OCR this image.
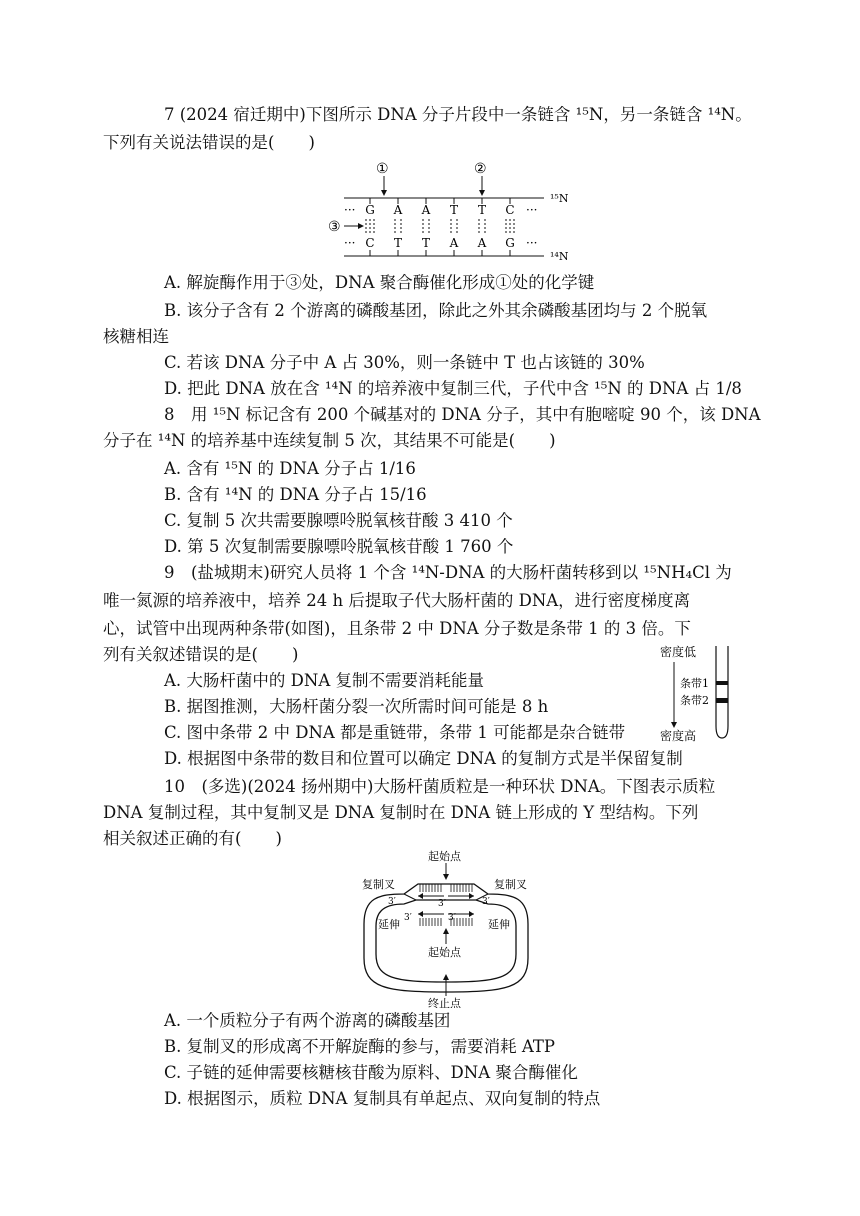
7 (2024 宿迁期中)下图所示 DNA 分子片段中一条链含 ¹⁵N，另一条链含 ¹⁴N。
下列有关说法错误的是( )
①	②
¹⁵N
··· G A A T T C ···
③
··· C T T A A G ···
¹⁴N
A. 解旋酶作用于③处，DNA 聚合酶催化形成①处的化学键
B. 该分子含有 2 个游离的磷酸基团，除此之外其余磷酸基团均与 2 个脱氧
核糖相连
C. 若该 DNA 分子中 A 占 30%，则一条链中 T 也占该链的 30%
D. 把此 DNA 放在含 ¹⁴N 的培养液中复制三代，子代中含 ¹⁵N 的 DNA 占 1/8
8　用 ¹⁵N 标记含有 200 个碱基对的 DNA 分子，其中有胞嘧啶 90 个，该 DNA
分子在 ¹⁴N 的培养基中连续复制 5 次，其结果不可能是( )
A. 含有 ¹⁵N 的 DNA 分子占 1/16
B. 含有 ¹⁴N 的 DNA 分子占 15/16
C. 复制 5 次共需要腺嘌呤脱氧核苷酸 3 410 个
D. 第 5 次复制需要腺嘌呤脱氧核苷酸 1 760 个
9　(盐城期末)研究人员将 1 个含 ¹⁴N-DNA 的大肠杆菌转移到以 ¹⁵NH₄Cl 为
唯一氮源的培养液中，培养 24 h 后提取子代大肠杆菌的 DNA，进行密度梯度离
心，试管中出现两种条带(如图)，且条带 2 中 DNA 分子数是条带 1 的 3 倍。下
列有关叙述错误的是( )	密度低
条带1
条带2
密度高
A. 大肠杆菌中的 DNA 复制不需要消耗能量
B. 据图推测，大肠杆菌分裂一次所需时间可能是 8 h
C. 图中条带 2 中 DNA 都是重链带，条带 1 可能都是杂合链带
D. 根据图中条带的数目和位置可以确定 DNA 的复制方式是半保留复制
10　(多选)(2024 扬州期中)大肠杆菌质粒是一种环状 DNA。下图表示质粒
DNA 复制过程，其中复制叉是 DNA 复制时在 DNA 链上形成的 Y 型结构。下列
相关叙述正确的有( )
起始点
复制叉	复制叉
3′	3′	3′
3′	3′
延伸	延伸
起始点
终止点
A. 一个质粒分子有两个游离的磷酸基团
B. 复制叉的形成离不开解旋酶的参与，需要消耗 ATP
C. 子链的延伸需要核糖核苷酸为原料、DNA 聚合酶催化
D. 根据图示，质粒 DNA 复制具有单起点、双向复制的特点
